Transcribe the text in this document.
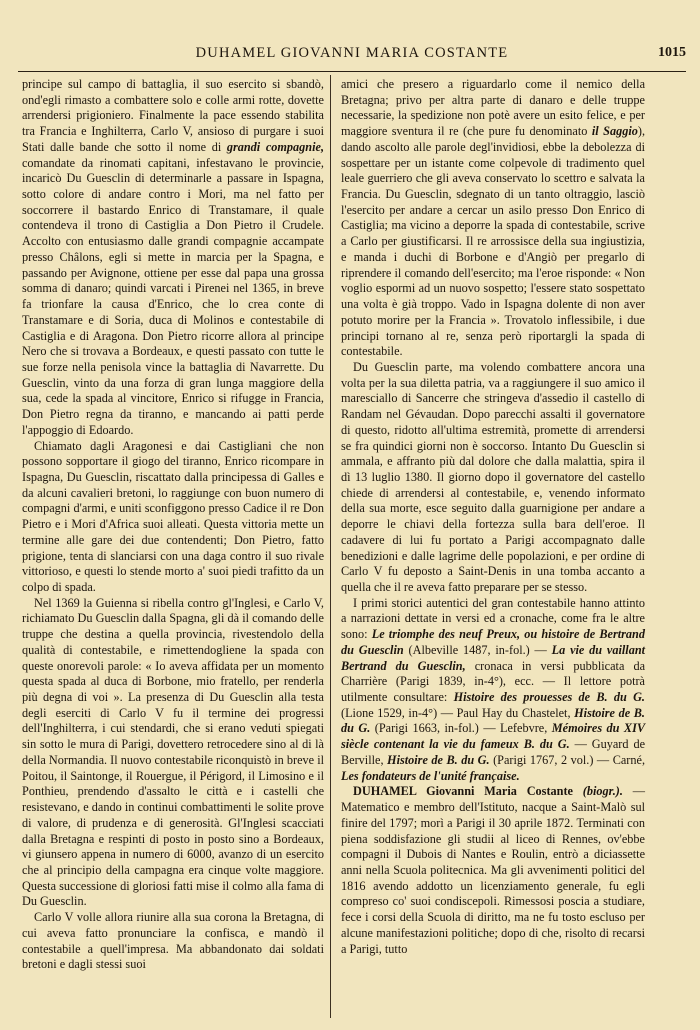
DUHAMEL GIOVANNI MARIA COSTANTE	1015

principe sul campo di battaglia, il suo esercito si sbandò, ond'egli rimasto a combattere solo e colle armi rotte, dovette arrendersi prigioniero. Finalmente la pace essendo stabilita tra Francia e Inghilterra, Carlo V, ansioso di purgare i suoi Stati dalle bande che sotto il nome di grandi compagnie, comandate da rinomati capitani, infestavano le provincie, incaricò Du Guesclin di determinarle a passare in Ispagna, sotto colore di andare contro i Mori, ma nel fatto per soccorrere il bastardo Enrico di Transtamare, il quale contendeva il trono di Castiglia a Don Pietro il Crudele. Accolto con entusiasmo dalle grandi compagnie accampate presso Châlons, egli si mette in marcia per la Spagna, e passando per Avignone, ottiene per esse dal papa una grossa somma di danaro; quindi varcati i Pirenei nel 1365, in breve fa trionfare la causa d'Enrico, che lo crea conte di Transtamare e di Soria, duca di Molinos e contestabile di Castiglia e di Aragona. Don Pietro ricorre allora al principe Nero che si trovava a Bordeaux, e questi passato con tutte le sue forze nella penisola vince la battaglia di Navarrette. Du Guesclin, vinto da una forza di gran lunga maggiore della sua, cede la spada al vincitore, Enrico si rifugge in Francia, Don Pietro regna da tiranno, e mancando ai patti perde l'appoggio di Edoardo.

Chiamato dagli Aragonesi e dai Castigliani che non possono sopportare il giogo del tiranno, Enrico ricompare in Ispagna, Du Guesclin, riscattato dalla principessa di Galles e da alcuni cavalieri bretoni, lo raggiunge con buon numero di compagni d'armi, e uniti sconfiggono presso Cadice il re Don Pietro e i Mori d'Africa suoi alleati. Questa vittoria mette un termine alle gare dei due contendenti; Don Pietro, fatto prigione, tenta di slanciarsi con una daga contro il suo rivale vittorioso, e questi lo stende morto a' suoi piedi trafitto da un colpo di spada.

Nel 1369 la Guienna si ribella contro gl'Inglesi, e Carlo V, richiamato Du Guesclin dalla Spagna, gli dà il comando delle truppe che destina a quella provincia, rivestendolo della qualità di contestabile, e rimettendogliene la spada con queste onorevoli parole: « Io aveva affidata per un momento questa spada al duca di Borbone, mio fratello, per renderla più degna di voi ». La presenza di Du Guesclin alla testa degli eserciti di Carlo V fu il termine dei progressi dell'Inghilterra, i cui stendardi, che si erano veduti spiegati sin sotto le mura di Parigi, dovettero retrocedere sino al di là della Normandia. Il nuovo contestabile riconquistò in breve il Poitou, il Saintonge, il Rouergue, il Périgord, il Limosino e il Ponthieu, prendendo d'assalto le città e i castelli che resistevano, e dando in continui combattimenti le solite prove di valore, di prudenza e di generosità. Gl'Inglesi scacciati dalla Bretagna e respinti di posto in posto sino a Bordeaux, vi giunsero appena in numero di 6000, avanzo di un esercito che al principio della campagna era cinque volte maggiore. Questa successione di gloriosi fatti mise il colmo alla fama di Du Guesclin.

Carlo V volle allora riunire alla sua corona la Bretagna, di cui aveva fatto pronunciare la confisca, e mandò il contestabile a quell'impresa. Ma abbandonato dai soldati bretoni e dagli stessi suoi

amici che presero a riguardarlo come il nemico della Bretagna; privo per altra parte di danaro e delle truppe necessarie, la spedizione non potè avere un esito felice, e per maggiore sventura il re (che pure fu denominato il Saggio), dando ascolto alle parole degl'invidiosi, ebbe la debolezza di sospettare per un istante come colpevole di tradimento quel leale guerriero che gli aveva conservato lo scettro e salvata la Francia. Du Guesclin, sdegnato di un tanto oltraggio, lasciò l'esercito per andare a cercar un asilo presso Don Enrico di Castiglia; ma vicino a deporre la spada di contestabile, scrive a Carlo per giustificarsi. Il re arrossisce della sua ingiustizia, e manda i duchi di Borbone e d'Angiò per pregarlo di riprendere il comando dell'esercito; ma l'eroe risponde: « Non voglio espormi ad un nuovo sospetto; l'essere stato sospettato una volta è già troppo. Vado in Ispagna dolente di non aver potuto morire per la Francia ». Trovatolo inflessibile, i due principi tornano al re, senza però riportargli la spada di contestabile.

Du Guesclin parte, ma volendo combattere ancora una volta per la sua diletta patria, va a raggiungere il suo amico il maresciallo di Sancerre che stringeva d'assedio il castello di Randam nel Gévaudan. Dopo parecchi assalti il governatore di questo, ridotto all'ultima estremità, promette di arrendersi se fra quindici giorni non è soccorso. Intanto Du Guesclin si ammala, e affranto più dal dolore che dalla malattia, spira il dì 13 luglio 1380. Il giorno dopo il governatore del castello chiede di arrendersi al contestabile, e, venendo informato della sua morte, esce seguito dalla guarnigione per andare a deporre le chiavi della fortezza sulla bara dell'eroe. Il cadavere di lui fu portato a Parigi accompagnato dalle benedizioni e dalle lagrime delle popolazioni, e per ordine di Carlo V fu deposto a Saint-Denis in una tomba accanto a quella che il re aveva fatto preparare per se stesso.

I primi storici autentici del gran contestabile hanno attinto a narrazioni dettate in versi ed a cronache, come fra le altre sono: Le triomphe des neuf Preux, ou histoire de Bertrand du Guesclin (Albeville 1487, in-fol.) — La vie du vaillant Bertrand du Guesclin, cronaca in versi pubblicata da Charrière (Parigi 1839, in-4°), ecc. — Il lettore potrà utilmente consultare: Histoire des prouesses de B. du G. (Lione 1529, in-4°) — Paul Hay du Chastelet, Histoire de B. du G. (Parigi 1663, in-fol.) — Lefebvre, Mémoires du XIV siècle contenant la vie du fameux B. du G. — Guyard de Berville, Histoire de B. du G. (Parigi 1767, 2 vol.) — Carné, Les fondateurs de l'unité française.

DUHAMEL Giovanni Maria Costante (biogr.). — Matematico e membro dell'Istituto, nacque a Saint-Malò sul finire del 1797; morì a Parigi il 30 aprile 1872. Terminati con piena soddisfazione gli studii al liceo di Rennes, ov'ebbe compagni il Dubois di Nantes e Roulin, entrò a diciassette anni nella Scuola politecnica. Ma gli avvenimenti politici del 1816 avendo addotto un licenziamento generale, fu egli compreso co' suoi condiscepoli. Rimessosi poscia a studiare, fece i corsi della Scuola di diritto, ma ne fu tosto escluso per alcune manifestazioni politiche; dopo di che, risolto di recarsi a Parigi, tutto
